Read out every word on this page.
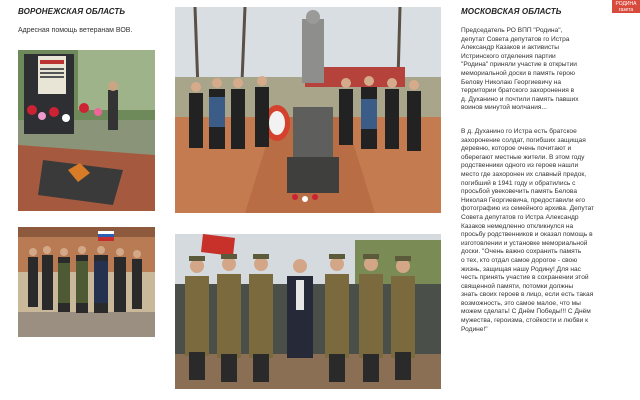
РОДИНА
газета
ВОРОНЕЖСКАЯ ОБЛАСТЬ
Адресная помощь ветеранам ВОВ.
МОСКОВСКАЯ ОБЛАСТЬ
Председатель РО ВПП "Родина",
депутат Совета депутатов го Истра
Александр Казаков и активисты
Истринского отделения партии
"Родина" приняли участие в открытии
мемориальной доски в память герою
Белову Николаю Георгиевичу на
территории братского захоронения в
д. Духанино и почтили память павших
воинов минутой молчания...
В д. Духанино го Истра есть братское
захоронение солдат, погибших защищая
деревню, которое очень почитают и
оберегают местные жители. В этом году
родственники одного из героев нашли
место где захоронен их славный предок,
погибший в 1941 году и обратились с
просьбой увековечить память Белова
Николая Георгиевича, предоставили его
фотографию из семейного архива. Депутат
Совета депутатов го Истра Александр
Казаков немедленно откликнулся на
просьбу родственников и оказал помощь в
изготовлении и установке мемориальной
доски. "Очень важно сохранить память
о тех, кто отдал самое дорогое - свою
жизнь, защищая нашу Родину! Для нас
честь принять участие в сохранении этой
священной памяти, потомки должны
знать своих героев в лицо, если есть такая
возможность, это самое малое, что мы
можем сделать! С Днём Победы!!! С Днём
мужества, героизма, стойкости и любви к
Родине!"
